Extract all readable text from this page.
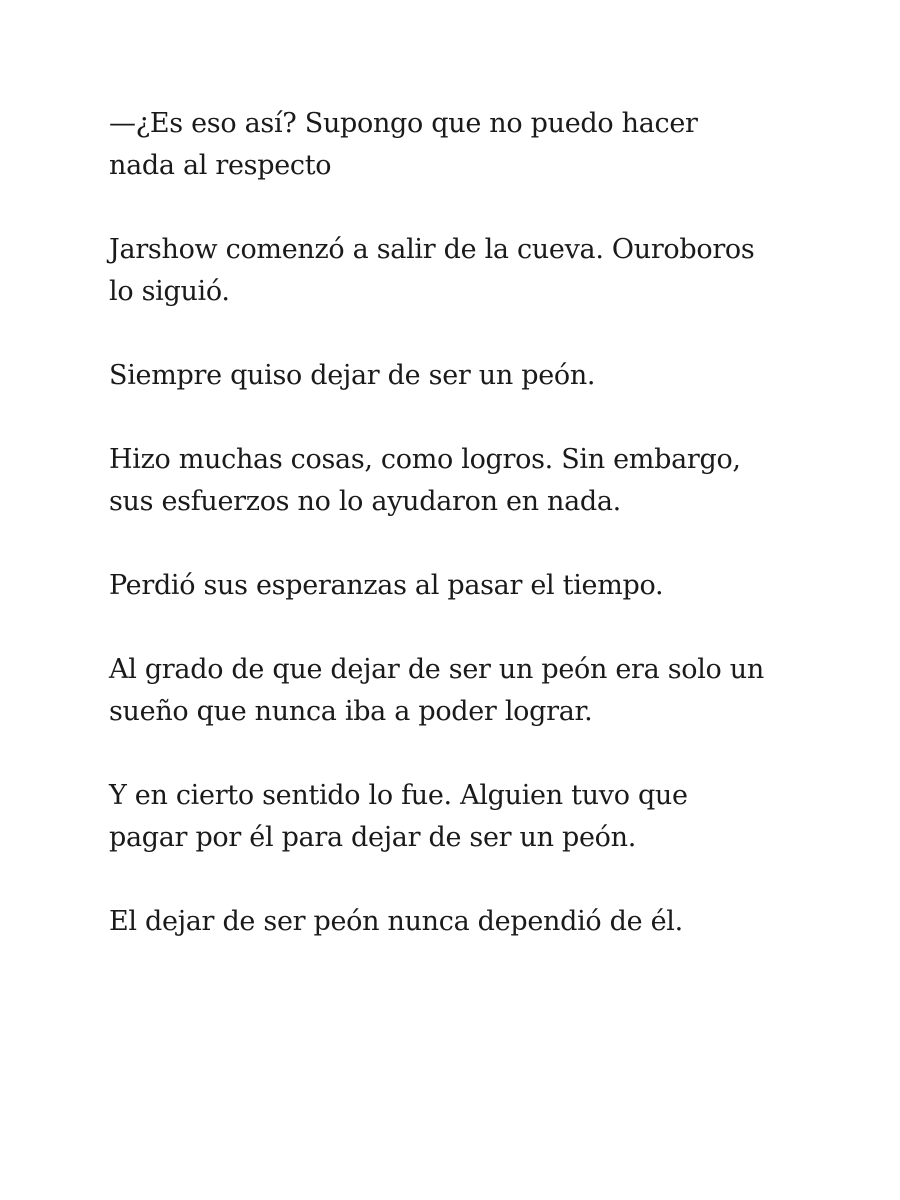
—¿Es eso así? Supongo que no puedo hacer
nada al respecto

Jarshow comenzó a salir de la cueva. Ouroboros
lo siguió.

Siempre quiso dejar de ser un peón.

Hizo muchas cosas, como logros. Sin embargo,
sus esfuerzos no lo ayudaron en nada.

Perdió sus esperanzas al pasar el tiempo.

Al grado de que dejar de ser un peón era solo un
sueño que nunca iba a poder lograr.

Y en cierto sentido lo fue. Alguien tuvo que
pagar por él para dejar de ser un peón.

El dejar de ser peón nunca dependió de él.
